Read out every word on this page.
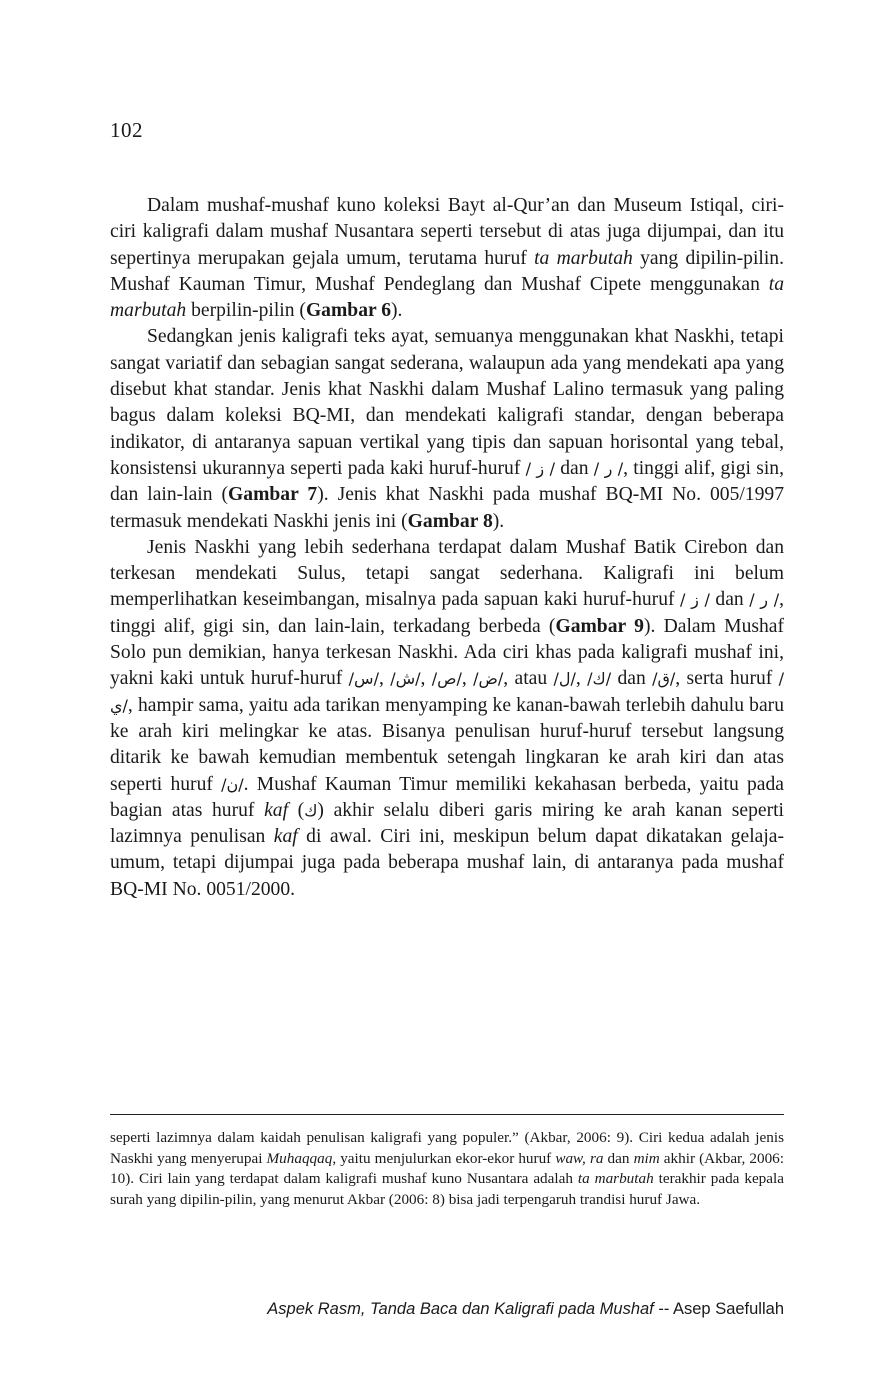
102

Dalam mushaf-mushaf kuno koleksi Bayt al-Qur’an dan Museum Istiqal, ciri-ciri kaligrafi dalam mushaf Nusantara seperti tersebut di atas juga dijumpai, dan itu sepertinya merupakan gejala umum, terutama huruf ta marbutah yang dipilin-pilin. Mushaf Kauman Timur, Mushaf Pendeglang dan Mushaf Cipete menggunakan ta marbutah berpilin-pilin (Gambar 6).

Sedangkan jenis kaligrafi teks ayat, semuanya menggunakan khat Naskhi, tetapi sangat variatif dan sebagian sangat sederana, walaupun ada yang mendekati apa yang disebut khat standar. Jenis khat Naskhi dalam Mushaf Lalino termasuk yang paling bagus dalam koleksi BQ-MI, dan mendekati kaligrafi standar, dengan beberapa indikator, di antaranya sapuan vertikal yang tipis dan sapuan horisontal yang tebal, konsistensi ukurannya seperti pada kaki huruf-huruf / ز / dan / ر /, tinggi alif, gigi sin, dan lain-lain (Gambar 7). Jenis khat Naskhi pada mushaf BQ-MI No. 005/1997 termasuk mendekati Naskhi jenis ini (Gambar 8).

Jenis Naskhi yang lebih sederhana terdapat dalam Mushaf Batik Cirebon dan terkesan mendekati Sulus, tetapi sangat sederhana. Kaligrafi ini belum memperlihatkan keseimbangan, misalnya pada sapuan kaki huruf-huruf / ز / dan / ر /, tinggi alif, gigi sin, dan lain-lain, terkadang berbeda (Gambar 9). Dalam Mushaf Solo pun demikian, hanya terkesan Naskhi. Ada ciri khas pada kaligrafi mushaf ini, yakni kaki untuk huruf-huruf /س/, /ش/, /ص/, /ض/, atau /ل/, /ك/ dan /ق/, serta huruf /ي/, hampir sama, yaitu ada tarikan menyamping ke kanan-bawah terlebih dahulu baru ke arah kiri melingkar ke atas. Bisanya penulisan huruf-huruf tersebut langsung ditarik ke bawah kemudian membentuk setengah lingkaran ke arah kiri dan atas seperti huruf /ن/. Mushaf Kauman Timur memiliki kekahasan berbeda, yaitu pada bagian atas huruf kaf (ك) akhir selalu diberi garis miring ke arah kanan seperti lazimnya penulisan kaf di awal. Ciri ini, meskipun belum dapat dikatakan gelaja-umum, tetapi dijumpai juga pada beberapa mushaf lain, di antaranya pada mushaf BQ-MI No. 0051/2000.

seperti lazimnya dalam kaidah penulisan kaligrafi yang populer.” (Akbar, 2006: 9). Ciri kedua adalah jenis Naskhi yang menyerupai Muhaqqaq, yaitu menjulurkan ekor-ekor huruf waw, ra dan mim akhir (Akbar, 2006: 10). Ciri lain yang terdapat dalam kaligrafi mushaf kuno Nusantara adalah ta marbutah terakhir pada kepala surah yang dipilin-pilin, yang menurut Akbar (2006: 8) bisa jadi terpengaruh trandisi huruf Jawa.

Aspek Rasm, Tanda Baca dan Kaligrafi pada Mushaf -- Asep Saefullah
